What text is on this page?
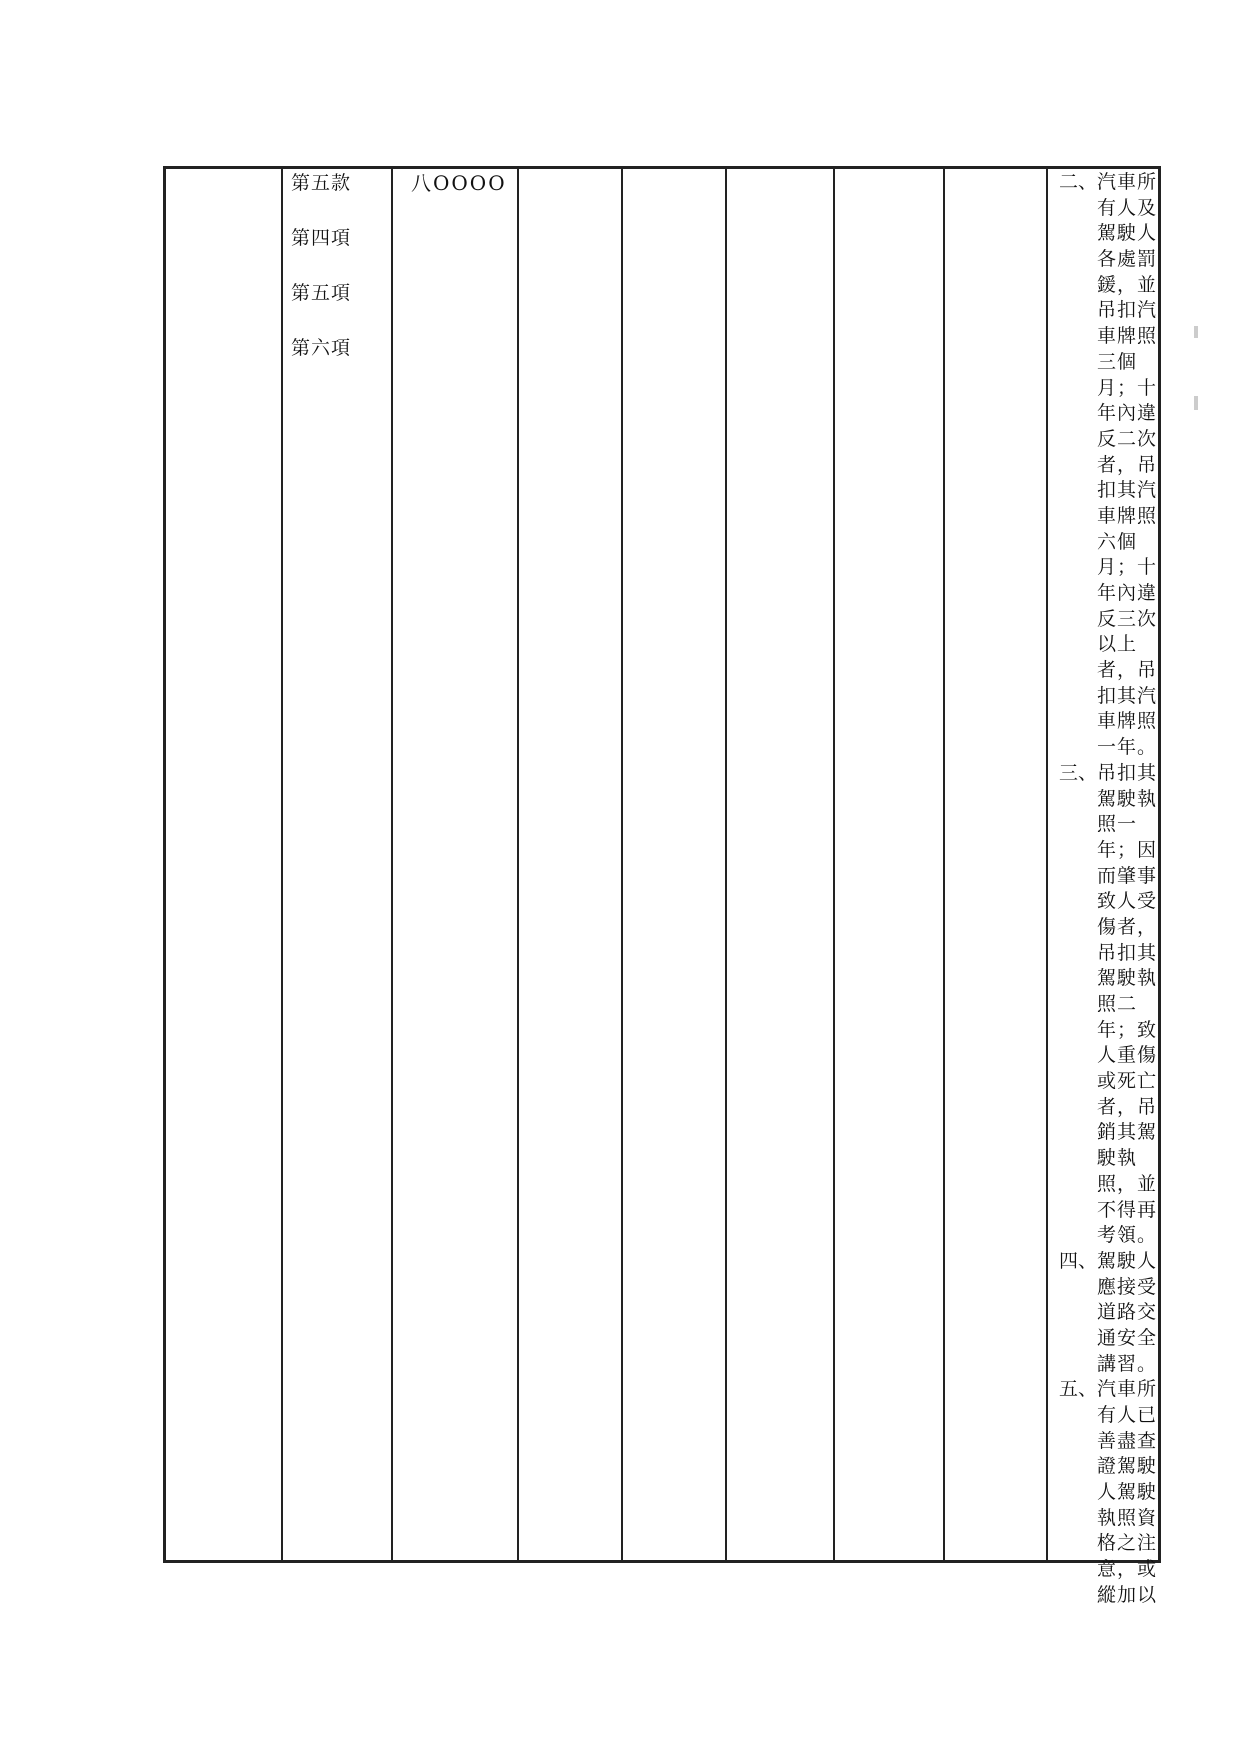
第五款
第四項
第五項
第六項
八OOOO	二、 汽車所
有人及
駕駛人
各處罰
鍰，並
吊扣汽
車牌照
三個
月；十
年內違
反二次
者，吊
扣其汽
車牌照
六個
月；十
年內違
反三次
以上
者，吊
扣其汽
車牌照
一年。
三、 吊扣其
駕駛執
照一
年；因
而肇事
致人受
傷者，
吊扣其
駕駛執
照二
年；致
人重傷
或死亡
者，吊
銷其駕
駛執
照，並
不得再
考領。
四、 駕駛人
應接受
道路交
通安全
講習。
五、 汽車所
有人已
善盡查
證駕駛
人駕駛
執照資
格之注
意，或
縱加以
